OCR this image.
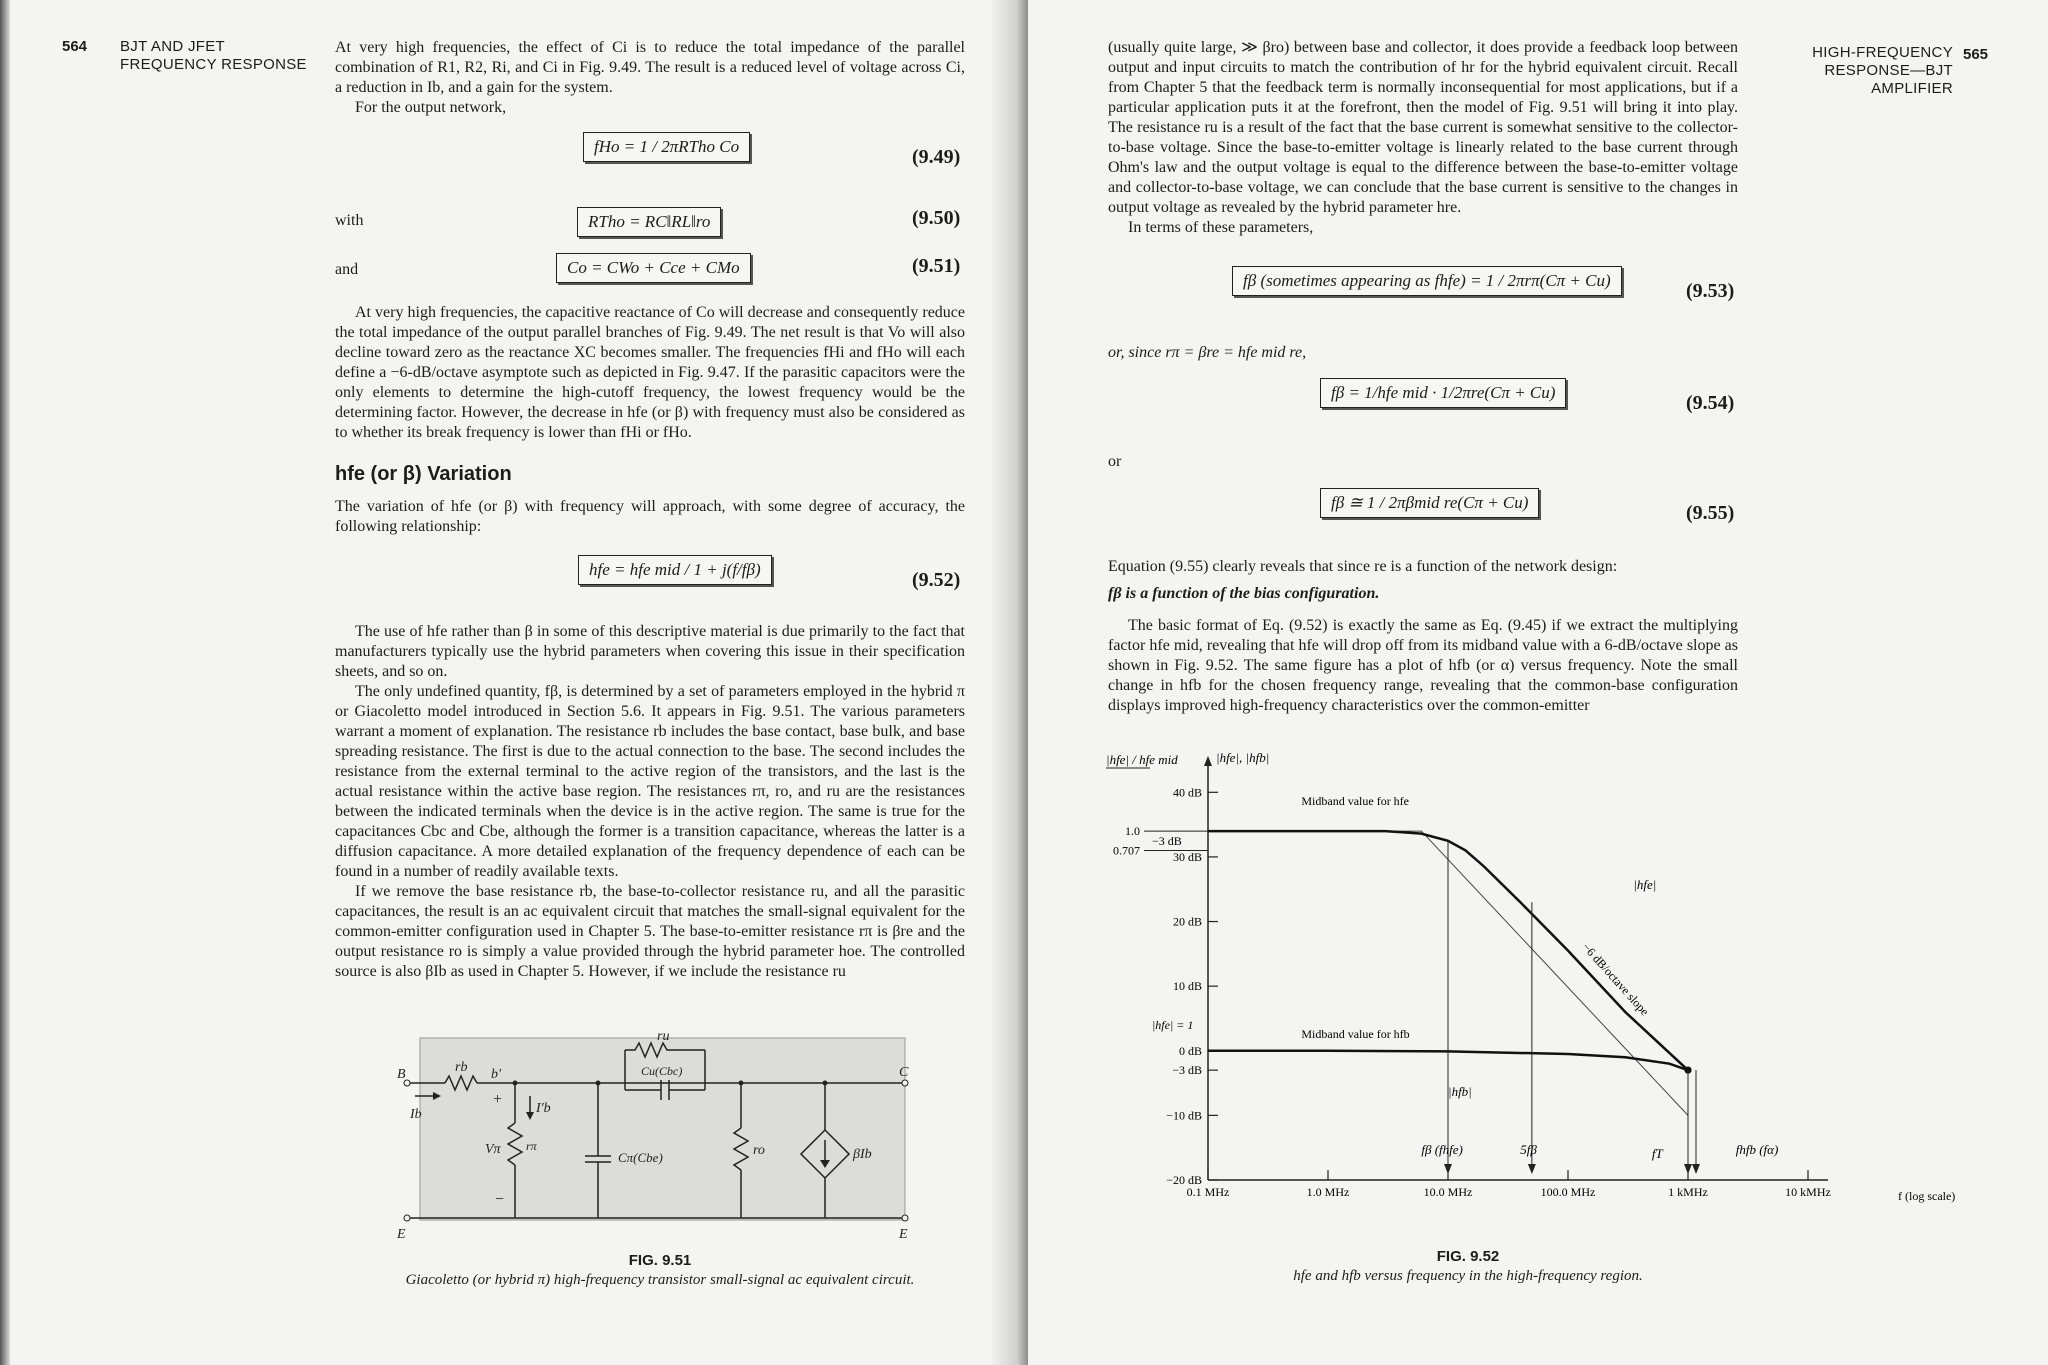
564 BJT AND JFET
FREQUENCY RESPONSE

At very high frequencies, the effect of Ci is to reduce the total impedance of the parallel combination of R1, R2, Ri, and Ci in Fig. 9.49. The result is a reduced level of voltage across Ci, a reduction in Ib, and a gain for the system.

For the output network,

fHo = 1 / 2πRTho Co	(9.49)
with	RTho = RC‖RL‖ro	(9.50)
and	Co = CWo + Cce + CMo	(9.51)
At very high frequencies, the capacitive reactance of Co will decrease and consequently reduce the total impedance of the output parallel branches of Fig. 9.49. The net result is that Vo will also decline toward zero as the reactance XC becomes smaller. The frequencies fHi and fHo will each define a −6-dB/octave asymptote such as depicted in Fig. 9.47. If the parasitic capacitors were the only elements to determine the high-cutoff frequency, the lowest frequency would be the determining factor. However, the decrease in hfe (or β) with frequency must also be considered as to whether its break frequency is lower than fHi or fHo.
hfe (or β) Variation
The variation of hfe (or β) with frequency will approach, with some degree of accuracy, the following relationship:
hfe = hfe mid / 1 + j(f/fβ)	(9.52)

The use of hfe rather than β in some of this descriptive material is due primarily to the fact that manufacturers typically use the hybrid parameters when covering this issue in their specification sheets, and so on.

The only undefined quantity, fβ, is determined by a set of parameters employed in the hybrid π or Giacoletto model introduced in Section 5.6. It appears in Fig. 9.51. The various parameters warrant a moment of explanation. The resistance rb includes the base contact, base bulk, and base spreading resistance. The first is due to the actual connection to the base. The second includes the resistance from the external terminal to the active region of the transistors, and the last is the actual resistance within the active base region. The resistances rπ, ro, and ru are the resistances between the indicated terminals when the device is in the active region. The same is true for the capacitances Cbc and Cbe, although the former is a transition capacitance, whereas the latter is a diffusion capacitance. A more detailed explanation of the frequency dependence of each can be found in a number of readily available texts.

If we remove the base resistance rb, the base-to-collector resistance ru, and all the parasitic capacitances, the result is an ac equivalent circuit that matches the small-signal equivalent for the common-emitter configuration used in Chapter 5. The base-to-emitter resistance rπ is βre and the output resistance ro is simply a value provided through the hybrid parameter hoe. The controlled source is also βIb as used in Chapter 5. However, if we include the resistance ru

B
E
C
E
rb b'
ru
Cu(Cbc)
Ib	I'b
Vπ rπ
Cπ(Cbe)	ro	βIb
+
−
FIG. 9.51
Giacoletto (or hybrid π) high-frequency transistor small-signal ac equivalent circuit.
565
HIGH-FREQUENCY
RESPONSE—BJT
AMPLIFIER

(usually quite large, ≫ βro) between base and collector, it does provide a feedback loop between output and input circuits to match the contribution of hr for the hybrid equivalent circuit. Recall from Chapter 5 that the feedback term is normally inconsequential for most applications, but if a particular application puts it at the forefront, then the model of Fig. 9.51 will bring it into play. The resistance ru is a result of the fact that the base current is somewhat sensitive to the collector-to-base voltage. Since the base-to-emitter voltage is linearly related to the base current through Ohm's law and the output voltage is equal to the difference between the base-to-emitter voltage and collector-to-base voltage, we can conclude that the base current is sensitive to the changes in output voltage as revealed by the hybrid parameter hre.

In terms of these parameters,

fβ (sometimes appearing as fhfe) = 1 / 2πrπ(Cπ + Cu)	(9.53)
or, since rπ = βre = hfe mid re,
fβ = 1/hfe mid · 1/2πre(Cπ + Cu)	(9.54)
or
fβ ≅ 1 / 2πβmid re(Cπ + Cu)	(9.55)
Equation (9.55) clearly reveals that since re is a function of the network design:
fβ is a function of the bias configuration.
The basic format of Eq. (9.52) is exactly the same as Eq. (9.45) if we extract the multiplying factor hfe mid, revealing that hfe will drop off from its midband value with a 6-dB/octave slope as shown in Fig. 9.52. The same figure has a plot of hfb (or α) versus frequency. Note the small change in hfb for the chosen frequency range, revealing that the common-base configuration displays improved high-frequency characteristics over the common-emitter
40 dB
30 dB
20 dB
10 dB
0 dB
−3 dB
−10 dB
−20 dB
0.1 MHz	1.0 MHz	10.0 MHz	100.0 MHz	1 kMHz	10 kMHz	f (log scale)
|hfe|, |hfb|
|hfe| / hfe mid
1.0
0.707
−3 dB
|hfe| = 1
Midband value for hfe
Midband value for hfb
|hfe|
|hfb|
−6 dB/octave slope
fβ (fhfe)	5fβ	fT	fhfb (fα)
FIG. 9.52
hfe and hfb versus frequency in the high-frequency region.
